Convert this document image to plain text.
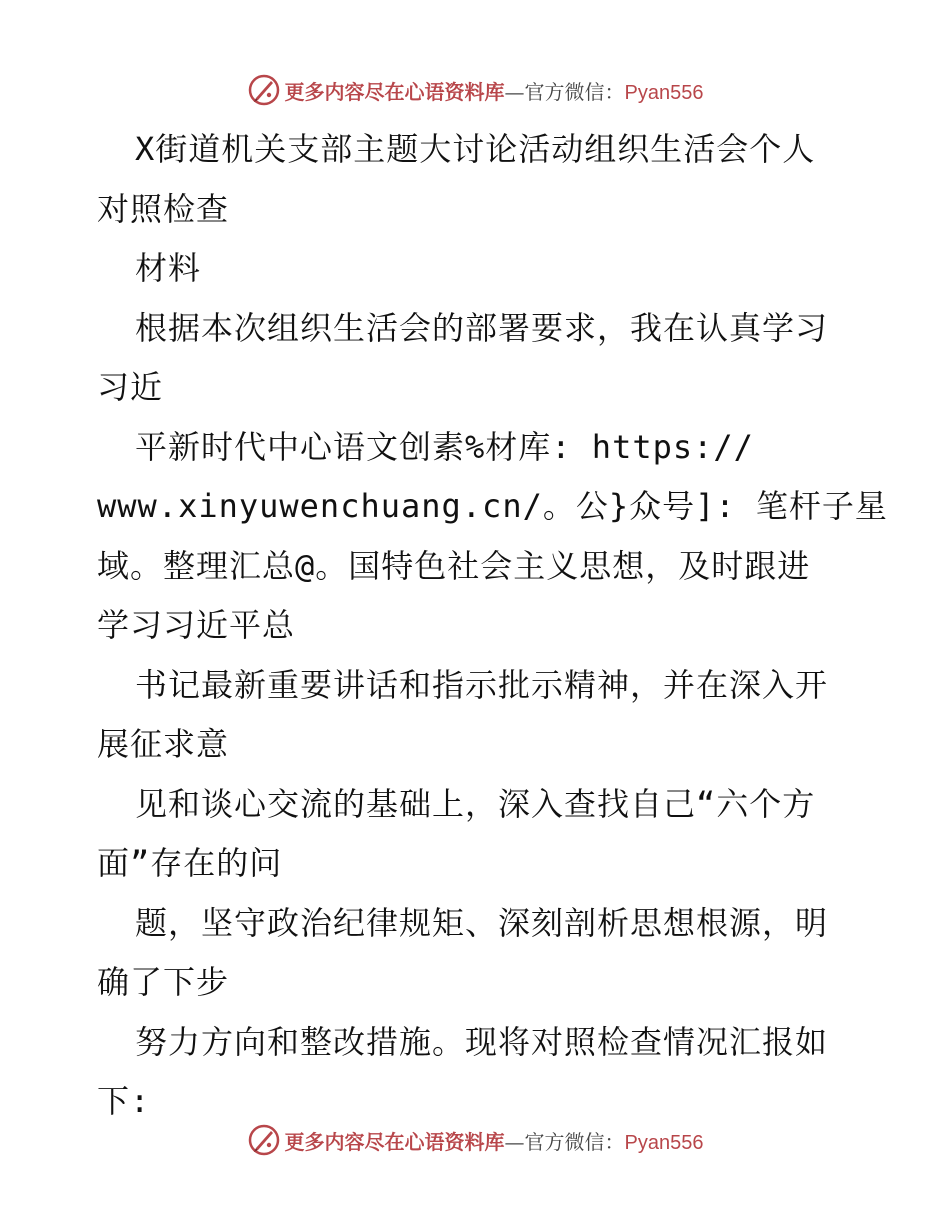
更多内容尽在心语资料库—官方微信：Pyan556
X街道机关支部主题大讨论活动组织生活会个人
对照检查
材料
根据本次组织生活会的部署要求，我在认真学习
习近
平新时代中心语文创素%材库: https://
www.xinyuwenchuang.cn/。公}众号]: 笔杆子星
域。整理汇总@。国特色社会主义思想，及时跟进
学习习近平总
书记最新重要讲话和指示批示精神，并在深入开
展征求意
见和谈心交流的基础上，深入查找自己“六个方
面”存在的问
题，坚守政治纪律规矩、深刻剖析思想根源，明
确了下步
努力方向和整改措施。现将对照检查情况汇报如
下:
更多内容尽在心语资料库—官方微信：Pyan556
